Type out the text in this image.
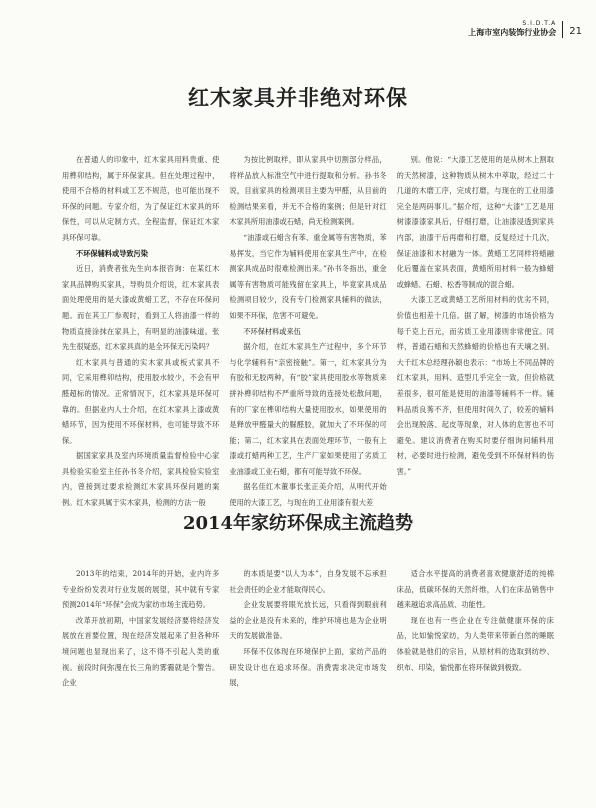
S.I.D.T.A
上海市室内装饰行业协会 21
红木家具并非绝对环保

在普通人的印象中，红木家具用料贵重、使用榫卯结构，属于环保家具。但在处理过程中，使用不合格的材料或工艺不规范，也可能出现不环保的问题。专家介绍，为了保证红木家具的环保性，可以从定制方式、全程监督，保证红木家具环保可靠。

不环保辅料或导致污染

近日，消费者张先生向本报咨询：在某红木家具品牌购买家具，导购员介绍说，红木家具表面处理使用的是大漆或黄蜡工艺，不存在环保问题。而在其工厂参观时，看到工人将油漆一样的物质直接涂抹在家具上，有明显的油漆味道。张先生很疑惑，红木家具真的是全环保无污染吗？

红木家具与普通的实木家具或板式家具不同，它采用榫卯结构，使用胶水较少，不会有甲醛超标的情况。正常情况下，红木家具是环保可靠的。但据业内人士介绍，在红木家具上漆或黄蜡环节，因为使用不环保材料，也可能导致不环保。

据国家家具及室内环境质量监督检验中心家具检验实验室主任孙书冬介绍，家具检验实验室内，曾接到过要求检测红木家具环保问题的案例。红木家具属于实木家具，检测的方法一般

为按比例取样，即从家具中切割部分样品，将样品放入标准空气中进行提取和分析。孙书冬说，目前家具的检测项目主要为甲醛，从目前的检测结果来看，并无不合格的案例；但是针对红木家具所用油漆或石蜡，尚无检测案例。

“油漆或石蜡含有苯、重金属等有害物质，苯易挥发，当它作为辅料使用在家具生产中，在检测家具成品时很难检测出来。”孙书冬指出，重金属等有害物质可能残留在家具上，毕竟家具成品检测项目较少，没有专门检测家具辅料的做法，如果不环保，危害不可避免。

不环保材料或来伍

据介绍，在红木家具生产过程中，多个环节与化学辅料有“亲密接触”。第一，红木家具分为有胶和无胶两种，有“胶”家具使用胶水等物质来拼补榫卯结构不严重所导致的连接处松散问题，有的厂家在榫卯结构大量使用胶水，如果使用的是释放甲醛量大的脲醛胶，就加大了不环保的可能；第二，红木家具在表面处理环节，一般有上漆或打蜡两种工艺，生产厂家如果使用了劣质工业油漆或工业石蜡，都有可能导致不环保。

据名佳红木董事长张正美介绍，从明代开始使用的大漆工艺，与现在的工业用漆有很大差

别。他说：“大漆工艺使用的是从树木上割取的天然树漆，这种物质从树木中萃取，经过二十几道的木磨工序，完成打磨，与现在的工业用漆完全是两码事儿。”据介绍，这种“大漆”工艺是用树漆漆漆家具后，仔细打磨，让油漆浸透到家具内部，油漆干后再磨和打磨，反复经过十几次，保证油漆和木材融为一体。黄蜡工艺同样将蜡融化后覆盖在家具表面，黄蜡所用材料一般为蜂蜡或蜂蜡、石蜡、松香等制成的混合蜡。

大漆工艺或黄蜡工艺所用材料的优劣不同，价值也相差十几倍。据了解，树漆的市场价格为每千克上百元，而劣质工业用漆则非常便宜。同样，普通石蜡和天然蜂蜡的价格也有天壤之别。大千红木总经理孙颖也表示：“市场上不同品牌的红木家具，用料、造型几乎完全一致，但价格就差很多，很可能是使用的油漆等辅料不一样。辅料品质良莠不齐，但使用时间久了，较差的辅料会出现脱落、起皮等现象，对人体的危害也不可避免。建议消费者在购买时要仔细询问辅料用材，必要时进行检测，避免受到不环保材料的伤害。”

2014年家纺环保成主流趋势

2013年的结束，2014年的开始，业内许多专业纷纷发表对行业发展的展望，其中就有专家预测2014年“环保”会成为家纺市场主流趋势。

改革开放初期，中国家发展经济要将经济发展放在首要位置，现在经济发展起来了但各种环境问题也显现出来了，这不得不引起人类的重视。前段时间弥漫在长三角的雾霾就是个警告。企业

的本质是要“以人为本”，自身发展不忘承担社会责任的企业才能取得民心。

企业发展要将眼光放长远，只看得到眼前利益的企业是没有未来的，维护环境也是为企业明天的发展做准备。

环保不仅体现在环境保护上面，家纺产品的研发设计也在追求环保。消费需求决定市场发展，

适合水平提高的消费者喜欢健康舒适的纯棉床品，低碳环保的天然纤维，人们在床品销售中越来越追求高品质、功能性。

现在也有一些企业在专注做健康环保的床品，比如愉悦家纺，为人类带来带新白然的睡眠体验就是他们的宗旨，从原材料的选取到纺纱、织布、印染，愉悦都在将环保做到极致。
